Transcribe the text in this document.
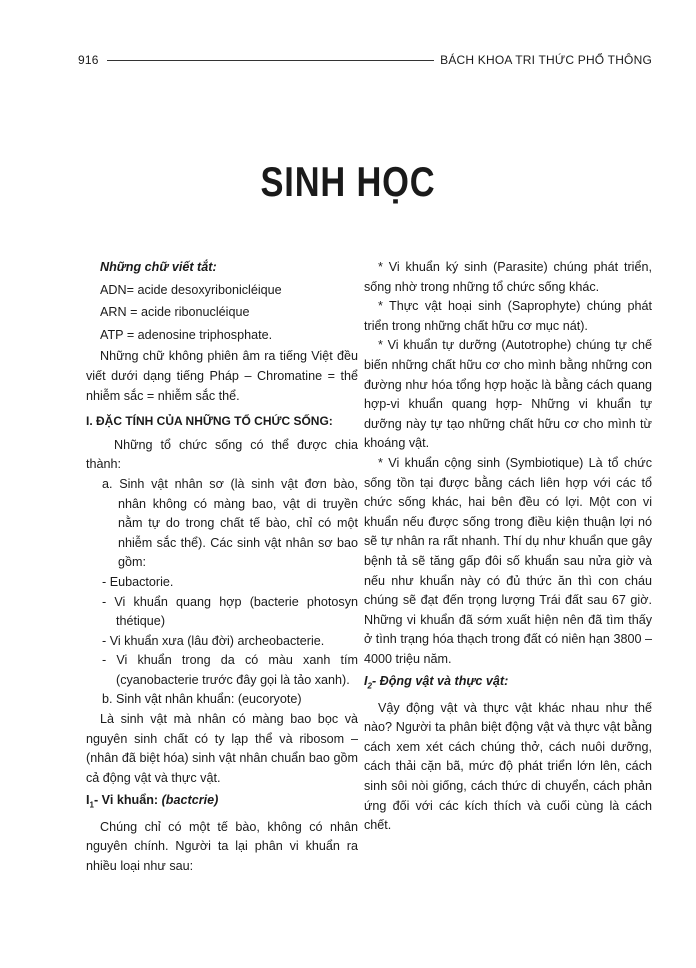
916	BÁCH KHOA TRI THỨC PHỔ THÔNG
SINH HỌC

Những chữ viết tắt:

ADN= acide desoxyribonicléique

ARN = acide ribonucléique

ATP = adenosine triphosphate.

Những chữ không phiên âm ra tiếng Việt đều viết dưới dạng tiếng Pháp – Chromatine = thể nhiễm sắc = nhiễm sắc thể.

I. ĐẶC TÍNH CỦA NHỮNG TỔ CHỨC SỐNG:

Những tổ chức sống có thể được chia thành:

a. Sinh vật nhân sơ (là sinh vật đơn bào, nhân không có màng bao, vật di truyền nằm tự do trong chất tế bào, chỉ có một nhiễm sắc thể). Các sinh vật nhân sơ bao gồm:

- Eubactorie.

- Vi khuẩn quang hợp (bacterie photosyn thétique)

- Vi khuẩn xưa (lâu đời) archeobacterie.

- Vi khuẩn trong da có màu xanh tím (cyanobacterie trước đây gọi là tảo xanh).

b. Sinh vật nhân khuẩn: (eucoryote)

Là sinh vật mà nhân có màng bao bọc và nguyên sinh chất có ty lạp thể và ribosom – (nhân đã biệt hóa) sinh vật nhân chuẩn bao gồm cả động vật và thực vật.

$I_1-$ Vi khuẩn: (bactcrie)

Chúng chỉ có một tế bào, không có nhân nguyên chính. Người ta lại phân vi khuẩn ra nhiều loại như sau:

* Vi khuẩn ký sinh (Parasite) chúng phát triển, sống nhờ trong những tổ chức sống khác.

* Thực vật hoại sinh (Saprophyte) chúng phát triển trong những chất hữu cơ mục nát).

* Vi khuẩn tự dưỡng (Autotrophe) chúng tự chế biến những chất hữu cơ cho mình bằng những con đường như hóa tổng hợp hoặc là bằng cách quang hợp-vi khuẩn quang hợp- Những vi khuẩn tự dưỡng này tự tạo những chất hữu cơ cho mình từ khoáng vật.

* Vi khuẩn cộng sinh (Symbiotique) Là tổ chức sống tồn tại được bằng cách liên hợp với các tổ chức sống khác, hai bên đều có lợi. Một con vi khuẩn nếu được sống trong điều kiện thuận lợi nó sẽ tự nhân ra rất nhanh. Thí dụ như khuẩn que gây bệnh tả sẽ tăng gấp đôi số khuẩn sau nửa giờ và nếu như khuẩn này có đủ thức ăn thì con cháu chúng sẽ đạt đến trọng lượng Trái đất sau 67 giờ. Những vi khuẩn đã sớm xuất hiện nên đã tìm thấy ở tình trạng hóa thạch trong đất có niên hạn 3800 – 4000 triệu năm.

$I_2-$ Động vật và thực vật:

Vậy động vật và thực vật khác nhau như thế nào? Người ta phân biệt động vật và thực vật bằng cách xem xét cách chúng thở, cách nuôi dưỡng, cách thải cặn bã, mức độ phát triển lớn lên, cách sinh sôi nòi giống, cách thức di chuyển, cách phản ứng đối với các kích thích và cuối cùng là cách chết.
